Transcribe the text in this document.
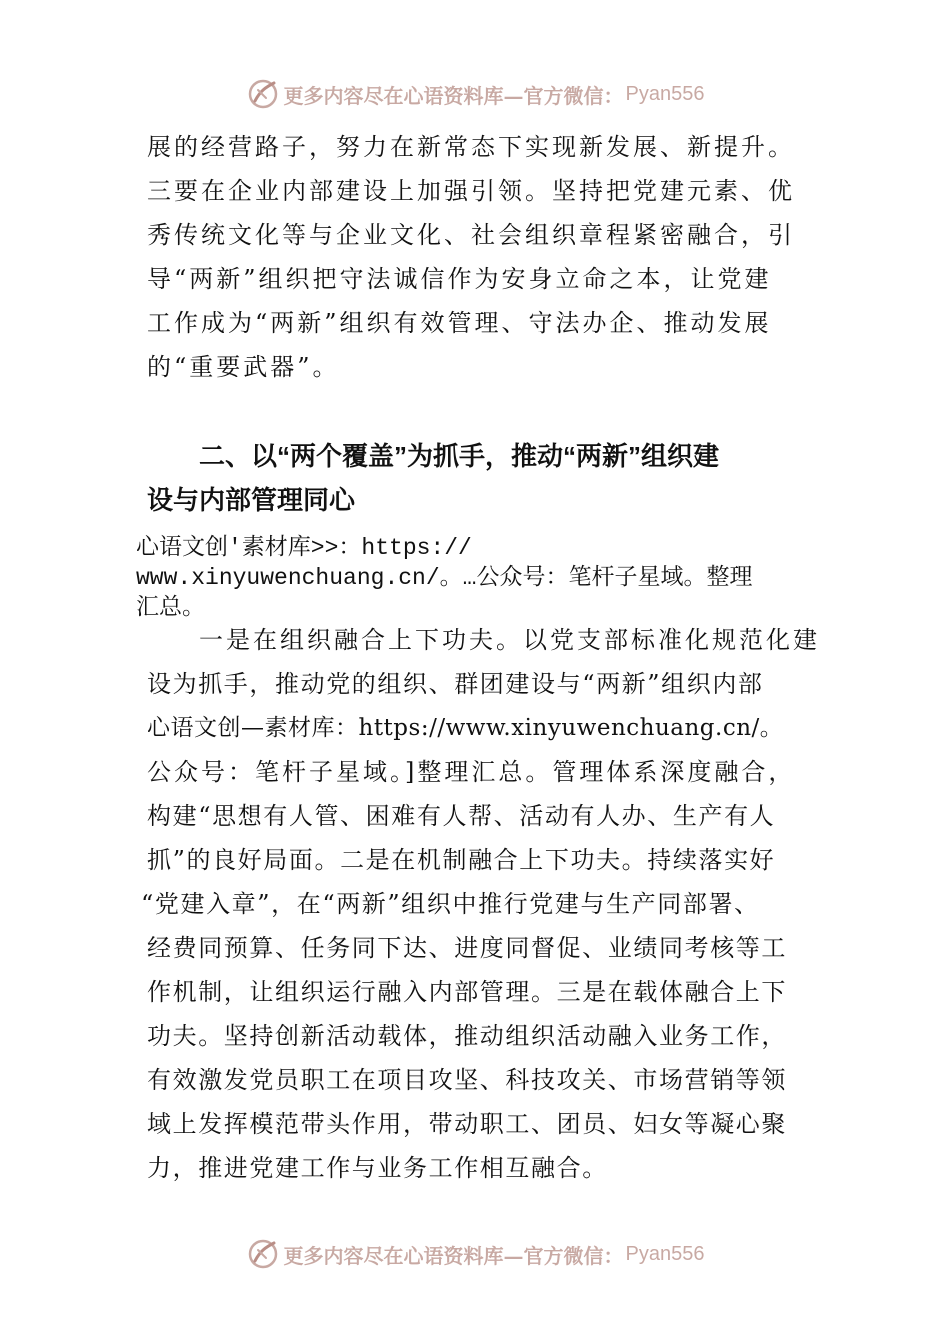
更多内容尽在心语资料库—官方微信： Pyan556
展的经营路子，努力在新常态下实现新发展、新提升。
三要在企业内部建设上加强引领。坚持把党建元素、优
秀传统文化等与企业文化、社会组织章程紧密融合，引
导“两新”组织把守法诚信作为安身立命之本，让党建
工作成为“两新”组织有效管理、守法办企、推动发展
的“重要武器”。
二、以“两个覆盖”为抓手，推动“两新”组织建
设与内部管理同心
心语文创'素材库>>：https://
www.xinyuwenchuang.cn/。…公众号：笔杆子星域。整理
汇总。
一是在组织融合上下功夫。以党支部标准化规范化建
设为抓手，推动党的组织、群团建设与“两新”组织内部
心语文创—素材库：https://www.xinyuwenchuang.cn/。
公众号：笔杆子星域。]整理汇总。管理体系深度融合，
构建“思想有人管、困难有人帮、活动有人办、生产有人
抓”的良好局面。二是在机制融合上下功夫。持续落实好
“党建入章”，在“两新”组织中推行党建与生产同部署、
经费同预算、任务同下达、进度同督促、业绩同考核等工
作机制，让组织运行融入内部管理。三是在载体融合上下
功夫。坚持创新活动载体，推动组织活动融入业务工作，
有效激发党员职工在项目攻坚、科技攻关、市场营销等领
域上发挥模范带头作用，带动职工、团员、妇女等凝心聚
力，推进党建工作与业务工作相互融合。
更多内容尽在心语资料库—官方微信： Pyan556
